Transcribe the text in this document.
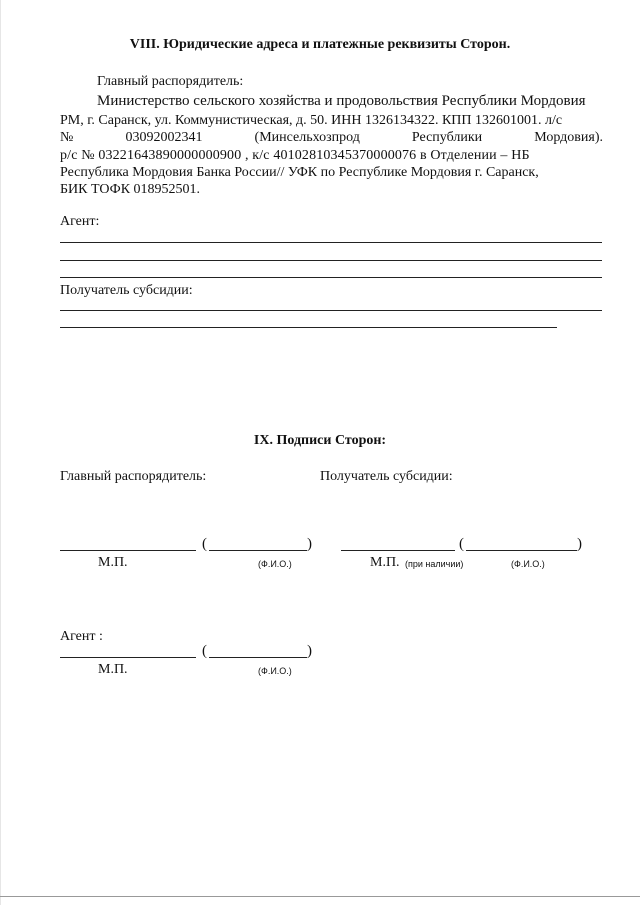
VIII. Юридические адреса и платежные реквизиты Сторон.
Главный распорядитель:
Министерство сельского хозяйства и продовольствия Республики Мордовия
РМ, г. Саранск, ул. Коммунистическая, д. 50. ИНН 1326134322. КПП 132601001. л/с
№	03092002341	(Минсельхозпрод	Республики	Мордовия).
р/с № 03221643890000000900 , к/с 40102810345370000076 в Отделении – НБ
Республика Мордовия Банка России// УФК по Республике Мордовия г. Саранск,
БИК ТОФК 018952501.
Агент:
Получатель субсидии:
IX. Подписи Сторон:
Главный распорядитель:	Получатель субсидии:
(	)
М.П.	(Ф.И.О.)
(	)
М.П. (при наличии)	(Ф.И.О.)
Агент :
(	)
М.П.	(Ф.И.О.)
